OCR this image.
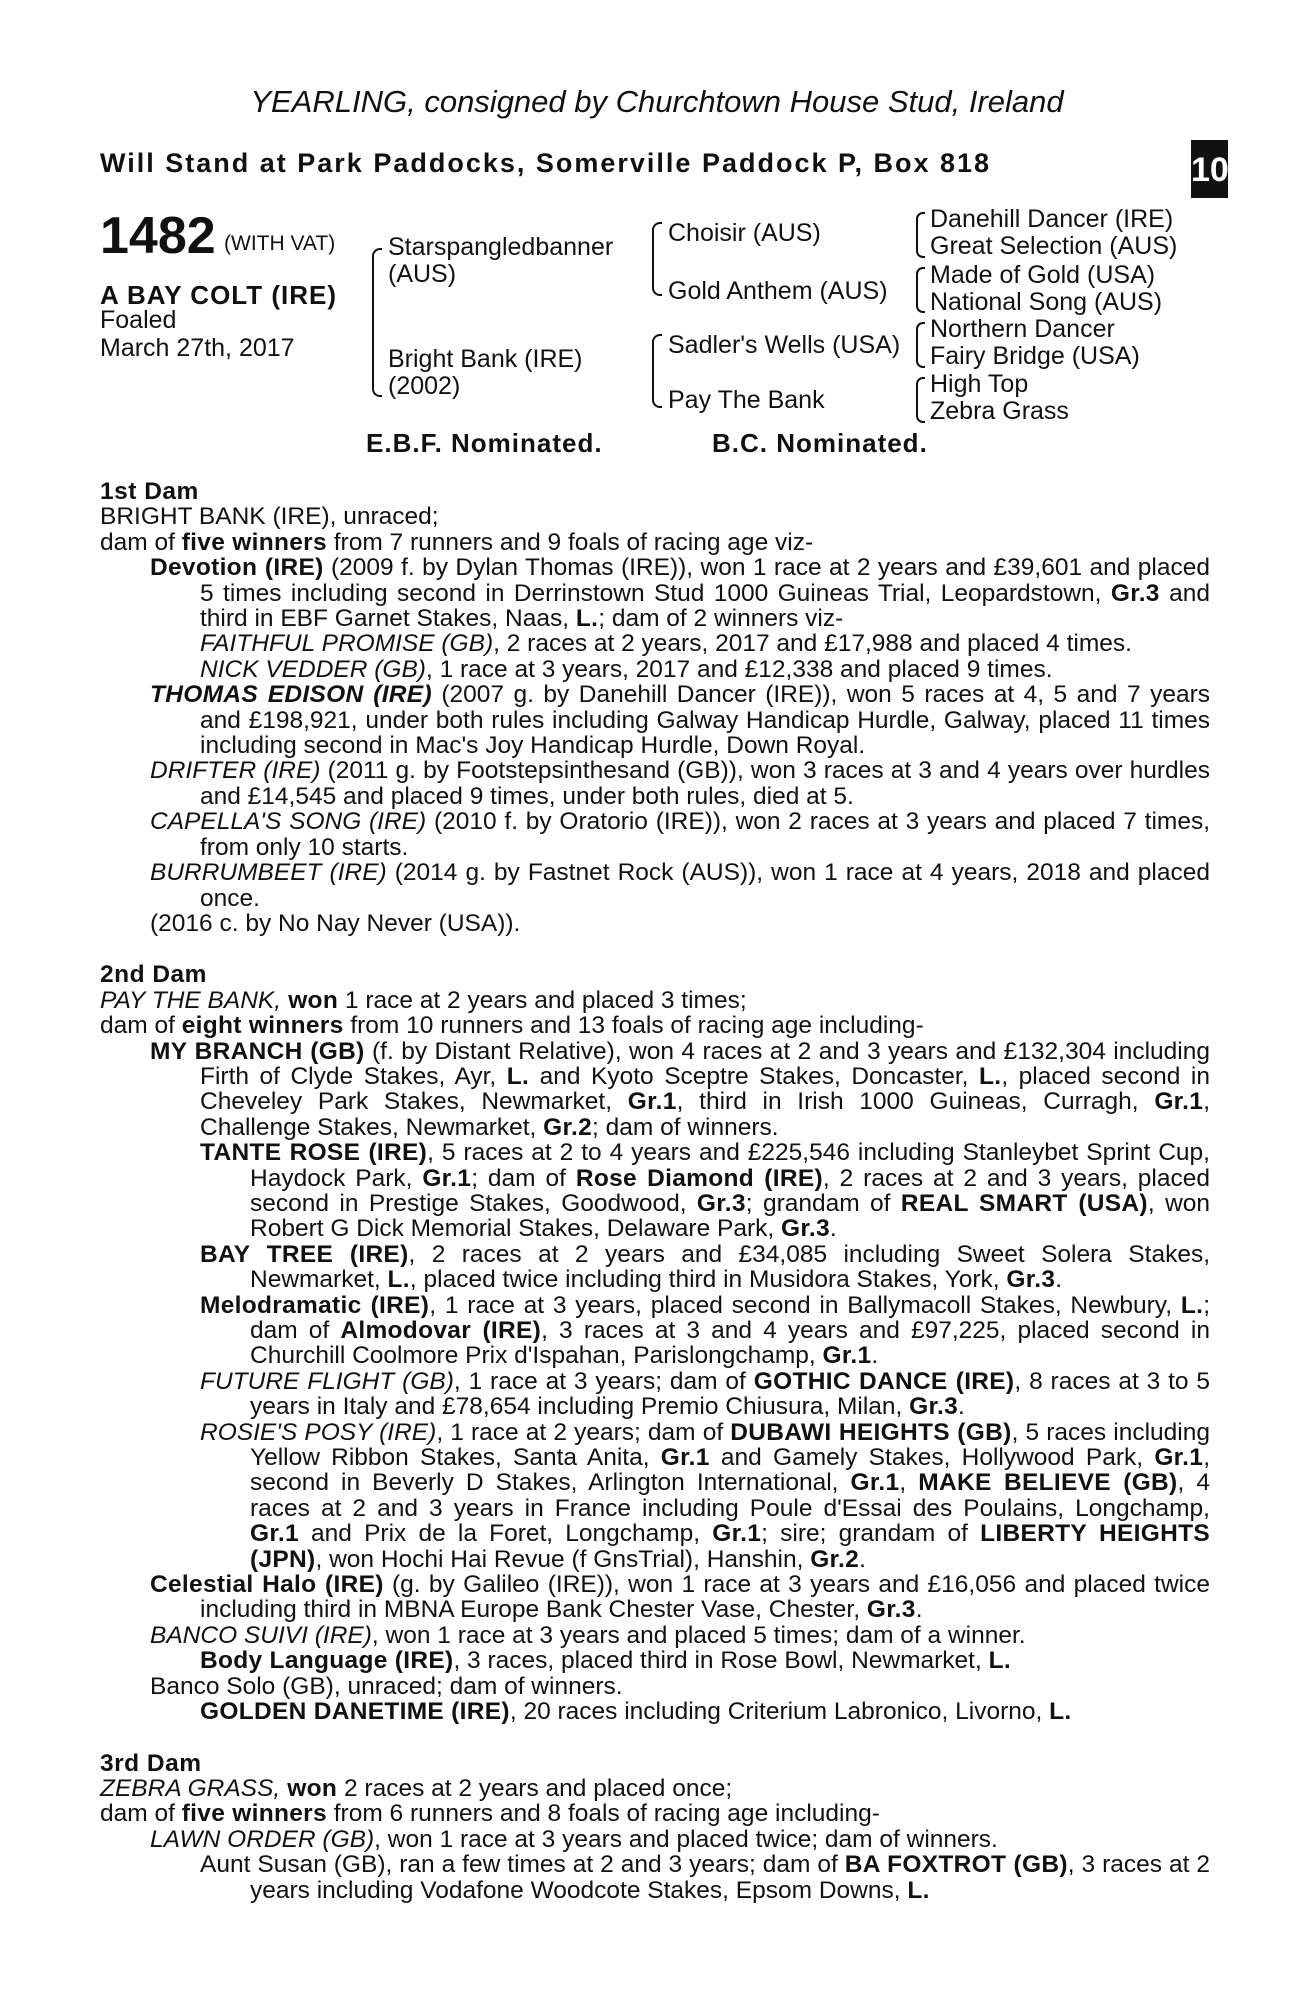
YEARLING, consigned by Churchtown House Stud, Ireland
Will Stand at Park Paddocks, Somerville Paddock P, Box 818
+
10
1482 (WITH VAT)
A BAY COLT (IRE)
Foaled
March 27th, 2017
Starspangledbanner
(AUS)
Bright Bank (IRE)
(2002)
Choisir (AUS)
Gold Anthem (AUS)
Sadler's Wells (USA)
Pay The Bank
Danehill Dancer (IRE)
Great Selection (AUS)
Made of Gold (USA)
National Song (AUS)
Northern Dancer
Fairy Bridge (USA)
High Top
Zebra Grass
E.B.F. Nominated.	B.C. Nominated.

1st Dam

BRIGHT BANK (IRE), unraced;

dam of five winners from 7 runners and 9 foals of racing age viz-

Devotion (IRE) (2009 f. by Dylan Thomas (IRE)), won 1 race at 2 years and £39,601 and placed 5 times including second in Derrinstown Stud 1000 Guineas Trial, Leopardstown, Gr.3 and third in EBF Garnet Stakes, Naas, L.; dam of 2 winners viz-

FAITHFUL PROMISE (GB), 2 races at 2 years, 2017 and £17,988 and placed 4 times.

NICK VEDDER (GB), 1 race at 3 years, 2017 and £12,338 and placed 9 times.

THOMAS EDISON (IRE) (2007 g. by Danehill Dancer (IRE)), won 5 races at 4, 5 and 7 years and £198,921, under both rules including Galway Handicap Hurdle, Galway, placed 11 times including second in Mac's Joy Handicap Hurdle, Down Royal.

DRIFTER (IRE) (2011 g. by Footstepsinthesand (GB)), won 3 races at 3 and 4 years over hurdles and £14,545 and placed 9 times, under both rules, died at 5.

CAPELLA'S SONG (IRE) (2010 f. by Oratorio (IRE)), won 2 races at 3 years and placed 7 times, from only 10 starts.

BURRUMBEET (IRE) (2014 g. by Fastnet Rock (AUS)), won 1 race at 4 years, 2018 and placed once.

(2016 c. by No Nay Never (USA)).

2nd Dam

PAY THE BANK, won 1 race at 2 years and placed 3 times;

dam of eight winners from 10 runners and 13 foals of racing age including-

MY BRANCH (GB) (f. by Distant Relative), won 4 races at 2 and 3 years and £132,304 including Firth of Clyde Stakes, Ayr, L. and Kyoto Sceptre Stakes, Doncaster, L., placed second in Cheveley Park Stakes, Newmarket, Gr.1, third in Irish 1000 Guineas, Curragh, Gr.1, Challenge Stakes, Newmarket, Gr.2; dam of winners.

TANTE ROSE (IRE), 5 races at 2 to 4 years and £225,546 including Stanleybet Sprint Cup, Haydock Park, Gr.1; dam of Rose Diamond (IRE), 2 races at 2 and 3 years, placed second in Prestige Stakes, Goodwood, Gr.3; grandam of REAL SMART (USA), won Robert G Dick Memorial Stakes, Delaware Park, Gr.3.

BAY TREE (IRE), 2 races at 2 years and £34,085 including Sweet Solera Stakes, Newmarket, L., placed twice including third in Musidora Stakes, York, Gr.3.

Melodramatic (IRE), 1 race at 3 years, placed second in Ballymacoll Stakes, Newbury, L.; dam of Almodovar (IRE), 3 races at 3 and 4 years and £97,225, placed second in Churchill Coolmore Prix d'Ispahan, Parislongchamp, Gr.1.

FUTURE FLIGHT (GB), 1 race at 3 years; dam of GOTHIC DANCE (IRE), 8 races at 3 to 5 years in Italy and £78,654 including Premio Chiusura, Milan, Gr.3.

ROSIE'S POSY (IRE), 1 race at 2 years; dam of DUBAWI HEIGHTS (GB), 5 races including Yellow Ribbon Stakes, Santa Anita, Gr.1 and Gamely Stakes, Hollywood Park, Gr.1, second in Beverly D Stakes, Arlington International, Gr.1, MAKE BELIEVE (GB), 4 races at 2 and 3 years in France including Poule d'Essai des Poulains, Longchamp, Gr.1 and Prix de la Foret, Longchamp, Gr.1; sire; grandam of LIBERTY HEIGHTS (JPN), won Hochi Hai Revue (f GnsTrial), Hanshin, Gr.2.

Celestial Halo (IRE) (g. by Galileo (IRE)), won 1 race at 3 years and £16,056 and placed twice including third in MBNA Europe Bank Chester Vase, Chester, Gr.3.

BANCO SUIVI (IRE), won 1 race at 3 years and placed 5 times; dam of a winner.

Body Language (IRE), 3 races, placed third in Rose Bowl, Newmarket, L.

Banco Solo (GB), unraced; dam of winners.

GOLDEN DANETIME (IRE), 20 races including Criterium Labronico, Livorno, L.

3rd Dam

ZEBRA GRASS, won 2 races at 2 years and placed once;

dam of five winners from 6 runners and 8 foals of racing age including-

LAWN ORDER (GB), won 1 race at 3 years and placed twice; dam of winners.

Aunt Susan (GB), ran a few times at 2 and 3 years; dam of BA FOXTROT (GB), 3 races at 2 years including Vodafone Woodcote Stakes, Epsom Downs, L.
